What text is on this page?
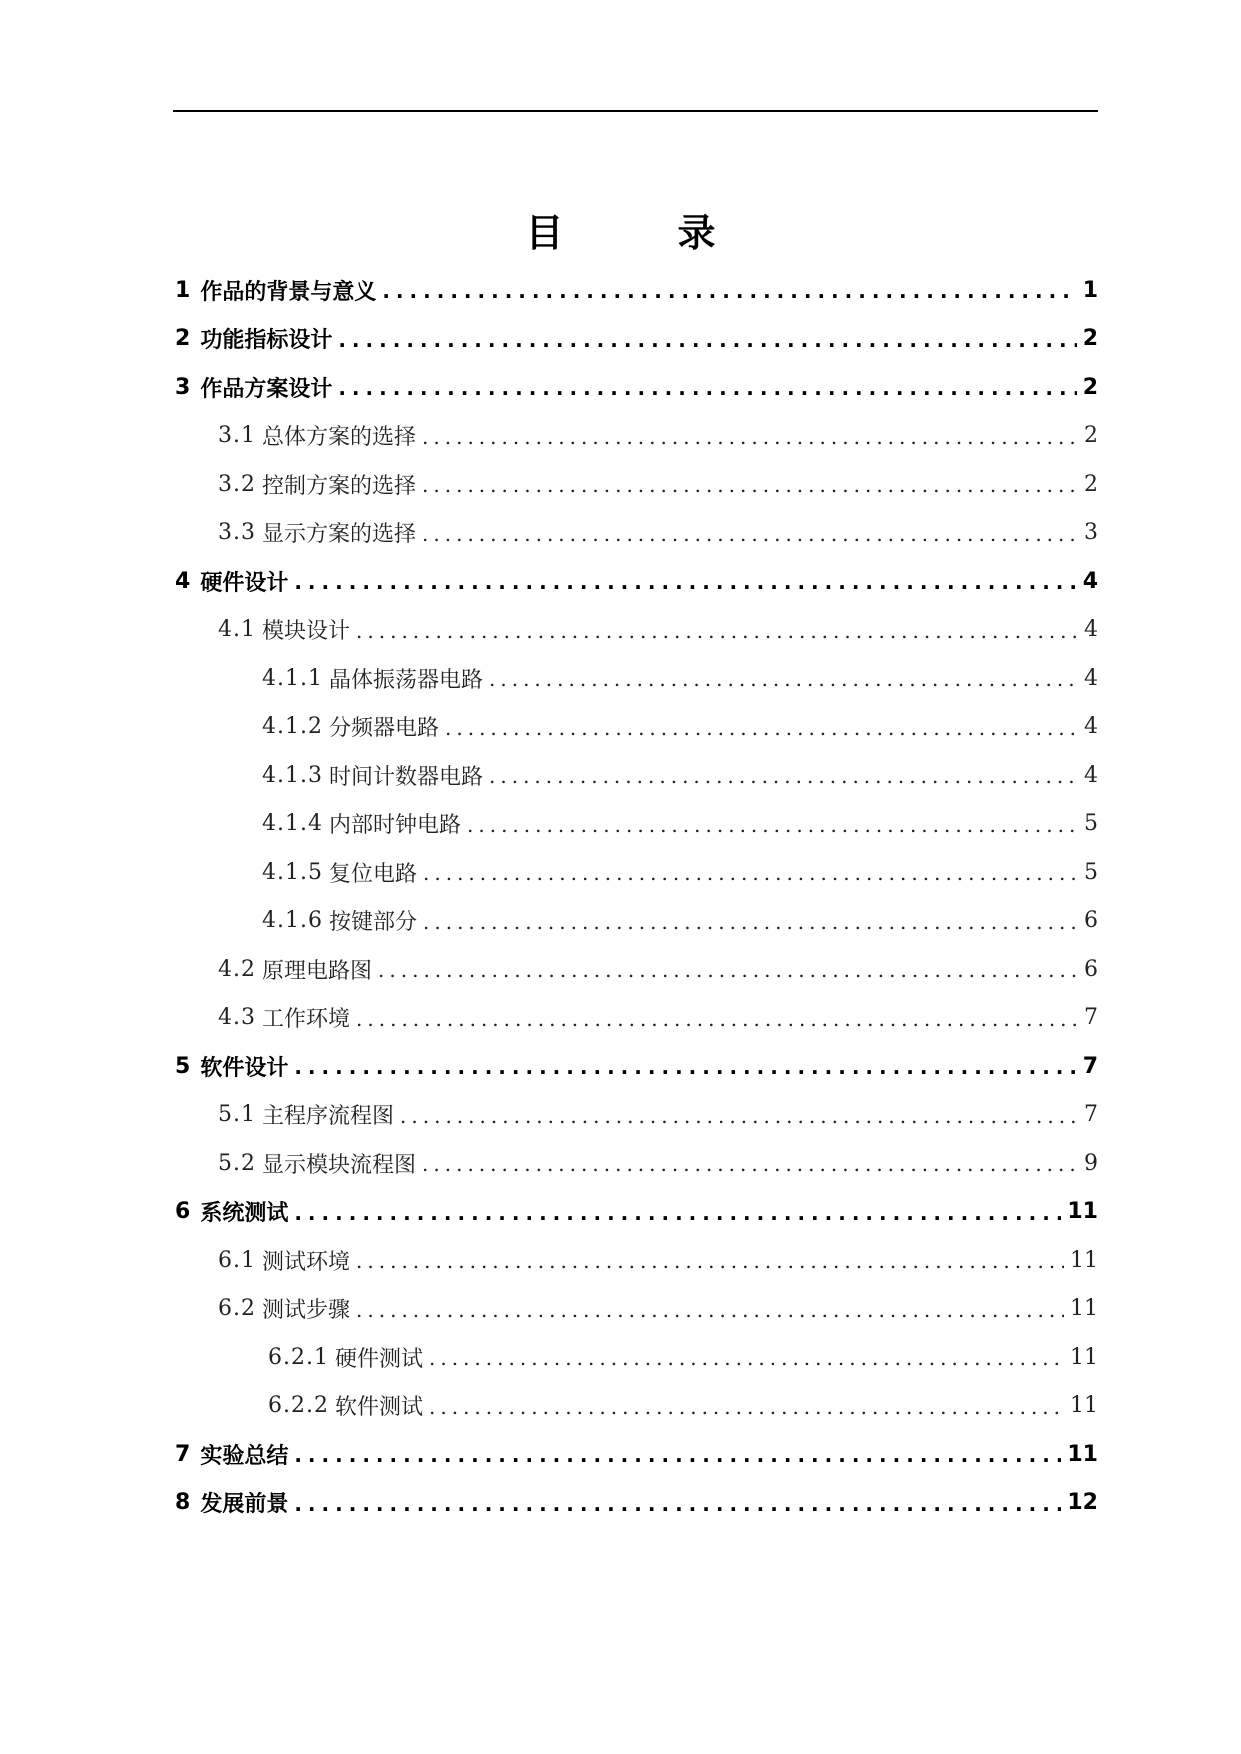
目　录
1 作品的背景与意义 .....	1
2 功能指标设计 .....	2
3 作品方案设计 .....	2
3.1 总体方案的选择 .....	2
3.2 控制方案的选择 .....	2
3.3 显示方案的选择 .....	3
4 硬件设计 .....	4
4.1 模块设计 .....	4
4.1.1 晶体振荡器电路 .....	4
4.1.2 分频器电路 .....	4
4.1.3 时间计数器电路 .....	4
4.1.4 内部时钟电路 .....	5
4.1.5 复位电路 .....	5
4.1.6 按键部分 .....	6
4.2 原理电路图 .....	6
4.3 工作环境 .....	7
5 软件设计 .....	7
5.1 主程序流程图 .....	7
5.2 显示模块流程图 .....	9
6 系统测试 .....	11
6.1 测试环境 .....	11
6.2 测试步骤 .....	11
6.2.1 硬件测试 .....	11
6.2.2 软件测试 .....	11
7 实验总结 .....	11
8 发展前景 .....	12
